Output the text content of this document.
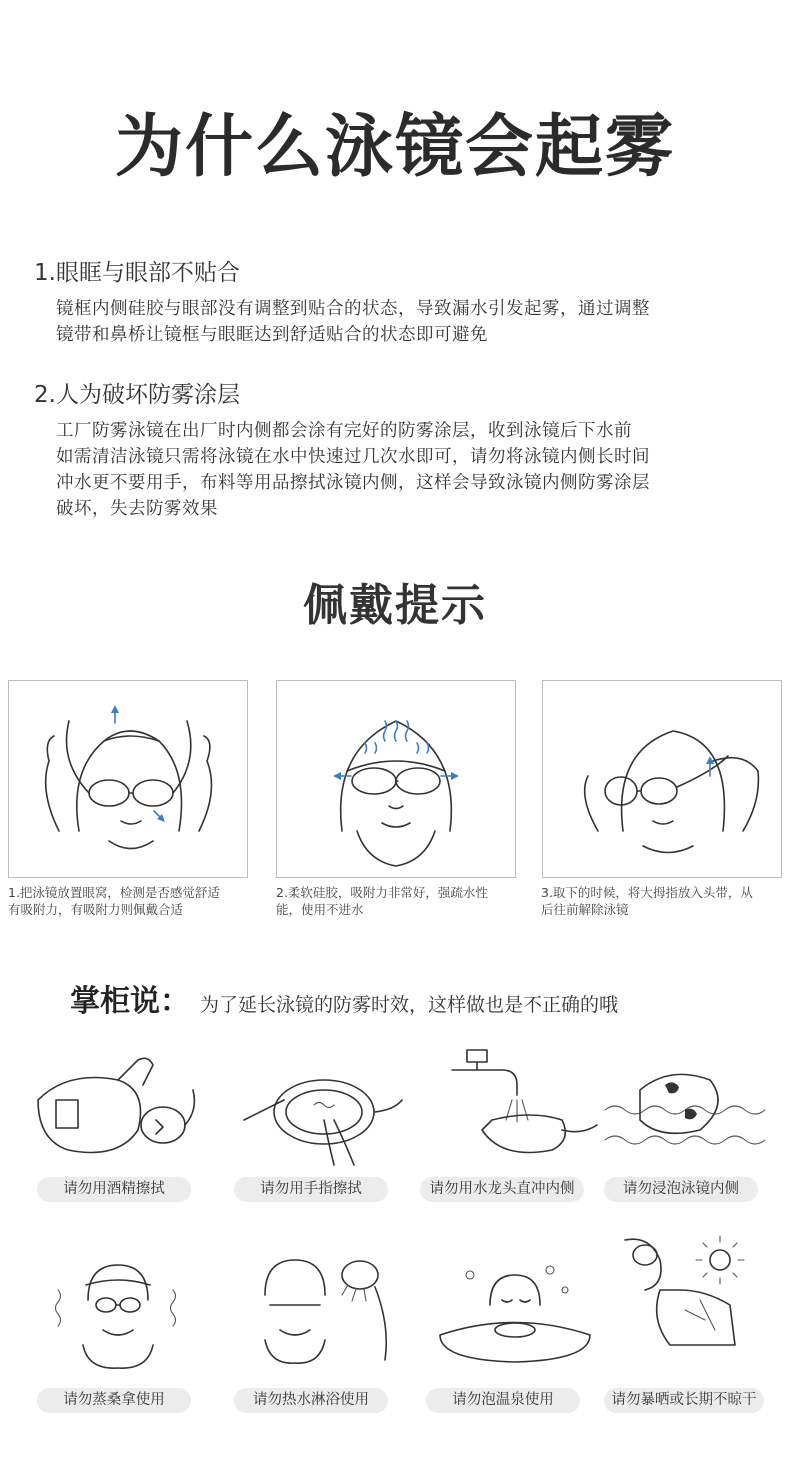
为什么泳镜会起雾
1.眼眶与眼部不贴合
镜框内侧硅胶与眼部没有调整到贴合的状态，导致漏水引发起雾，通过调整
镜带和鼻桥让镜框与眼眶达到舒适贴合的状态即可避免
2.人为破坏防雾涂层
工厂防雾泳镜在出厂时内侧都会涂有完好的防雾涂层，收到泳镜后下水前
如需清洁泳镜只需将泳镜在水中快速过几次水即可，请勿将泳镜内侧长时间
冲水更不要用手，布料等用品擦拭泳镜内侧，这样会导致泳镜内侧防雾涂层
破坏，失去防雾效果
佩戴提示
1.把泳镜放置眼窝，检测是否感觉舒适
有吸附力，有吸附力则佩戴合适
2.柔软硅胶，吸附力非常好，强疏水性
能，使用不进水
3.取下的时候，将大拇指放入头带，从
后往前解除泳镜
掌柜说： 为了延长泳镜的防雾时效，这样做也是不正确的哦
请勿用酒精擦拭	请勿用手指擦拭	请勿用水龙头直冲内侧	请勿浸泡泳镜内侧
请勿蒸桑拿使用	请勿热水淋浴使用	请勿泡温泉使用	请勿暴晒或长期不晾干
